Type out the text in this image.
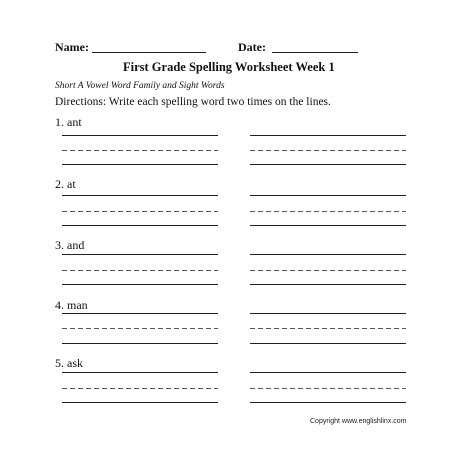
Name:	Date:
First Grade Spelling Worksheet Week 1
Short A Vowel Word Family and Sight Words
Directions: Write each spelling word two times on the lines.
1. ant
2. at
3. and
4. man
5. ask
Copyright www.englishlinx.com
